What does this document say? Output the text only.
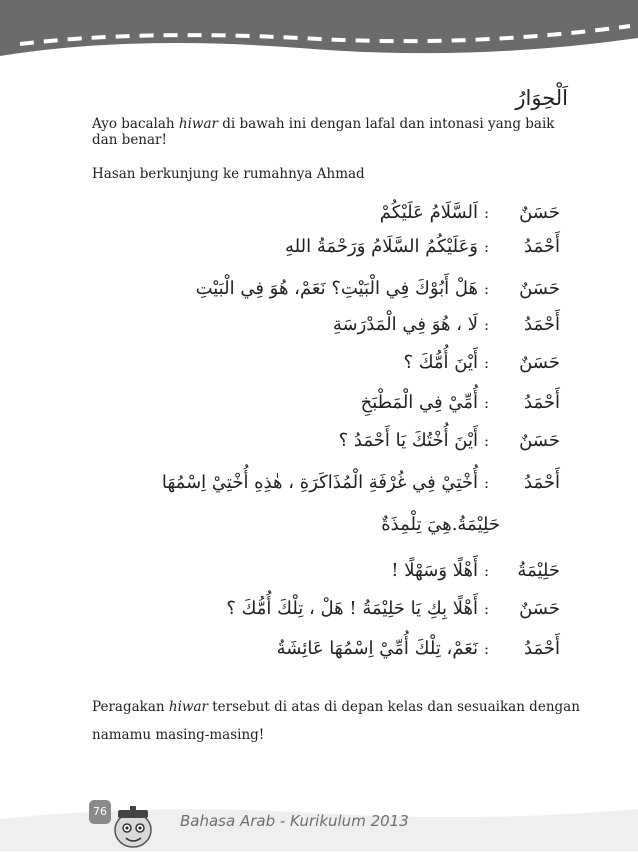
اَلْحِوَارُ
Ayo bacalah hiwar di bawah ini dengan lafal dan intonasi yang baik dan benar!
Hasan berkunjung ke rumahnya Ahmad
حَسَنٌ
:
اَلسَّلَامُ عَلَيْكُمْ
أَحْمَدُ
:
وَعَلَيْكُمُ السَّلَامُ وَرَحْمَةُ اللهِ
حَسَنٌ
:
هَلْ أَبُوْكَ فِي الْبَيْتِ؟ نَعَمْ، هُوَ فِي الْبَيْتِ
أَحْمَدُ
:
لَا ، هُوَ فِي الْمَدْرَسَةِ
حَسَنٌ
:
أَيْنَ أُمُّكَ ؟
أَحْمَدُ
:
أُمِّيْ فِي الْمَطْبَخِ
حَسَنٌ
:
أَيْنَ أُخْتُكَ يَا أَحْمَدُ ؟
أَحْمَدُ
:
أُخْتِيْ فِي غُرْفَةِ الْمُذَاكَرَةِ ، هٰذِهِ أُخْتِيْ اِسْمُهَا
حَلِيْمَةُ.هِيَ تِلْمِذَةٌ
حَلِيْمَةُ
:
أَهْلًا وَسَهْلًا !
حَسَنٌ
:
أَهْلًا بِكِ يَا حَلِيْمَةُ ! هَلْ ، تِلْكَ أُمُّكَ ؟
أَحْمَدُ
:
نَعَمْ، تِلْكَ أُمِّيْ اِسْمُهَا عَائِشَةُ
Peragakan hiwar tersebut di atas di depan kelas dan sesuaikan dengan namamu masing-masing!
76
Bahasa Arab - Kurikulum 2013
